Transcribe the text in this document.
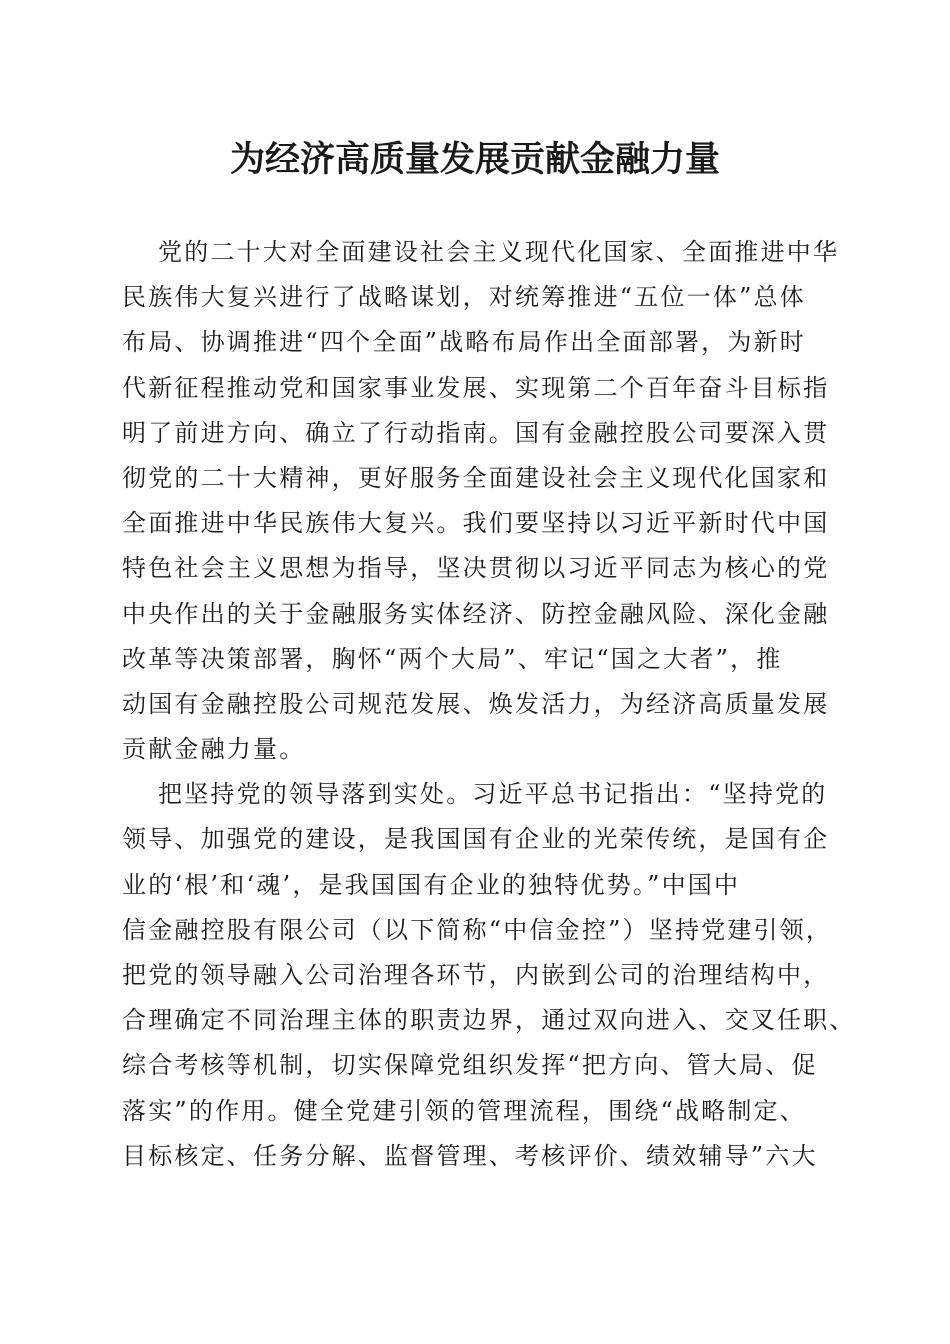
为经济高质量发展贡献金融力量
党的二十大对全面建设社会主义现代化国家、全面推进中华
民族伟大复兴进行了战略谋划，对统筹推进“五位一体”总体
布局、协调推进“四个全面”战略布局作出全面部署，为新时
代新征程推动党和国家事业发展、实现第二个百年奋斗目标指
明了前进方向、确立了行动指南。国有金融控股公司要深入贯
彻党的二十大精神，更好服务全面建设社会主义现代化国家和
全面推进中华民族伟大复兴。我们要坚持以习近平新时代中国
特色社会主义思想为指导，坚决贯彻以习近平同志为核心的党
中央作出的关于金融服务实体经济、防控金融风险、深化金融
改革等决策部署，胸怀“两个大局”、牢记“国之大者”，推
动国有金融控股公司规范发展、焕发活力，为经济高质量发展
贡献金融力量。
把坚持党的领导落到实处。习近平总书记指出：“坚持党的
领导、加强党的建设，是我国国有企业的光荣传统，是国有企
业的‘根’和‘魂’，是我国国有企业的独特优势。”中国中
信金融控股有限公司（以下简称“中信金控”）坚持党建引领，
把党的领导融入公司治理各环节，内嵌到公司的治理结构中，
合理确定不同治理主体的职责边界，通过双向进入、交叉任职、
综合考核等机制，切实保障党组织发挥“把方向、管大局、促
落实”的作用。健全党建引领的管理流程，围绕“战略制定、
目标核定、任务分解、监督管理、考核评价、绩效辅导”六大
